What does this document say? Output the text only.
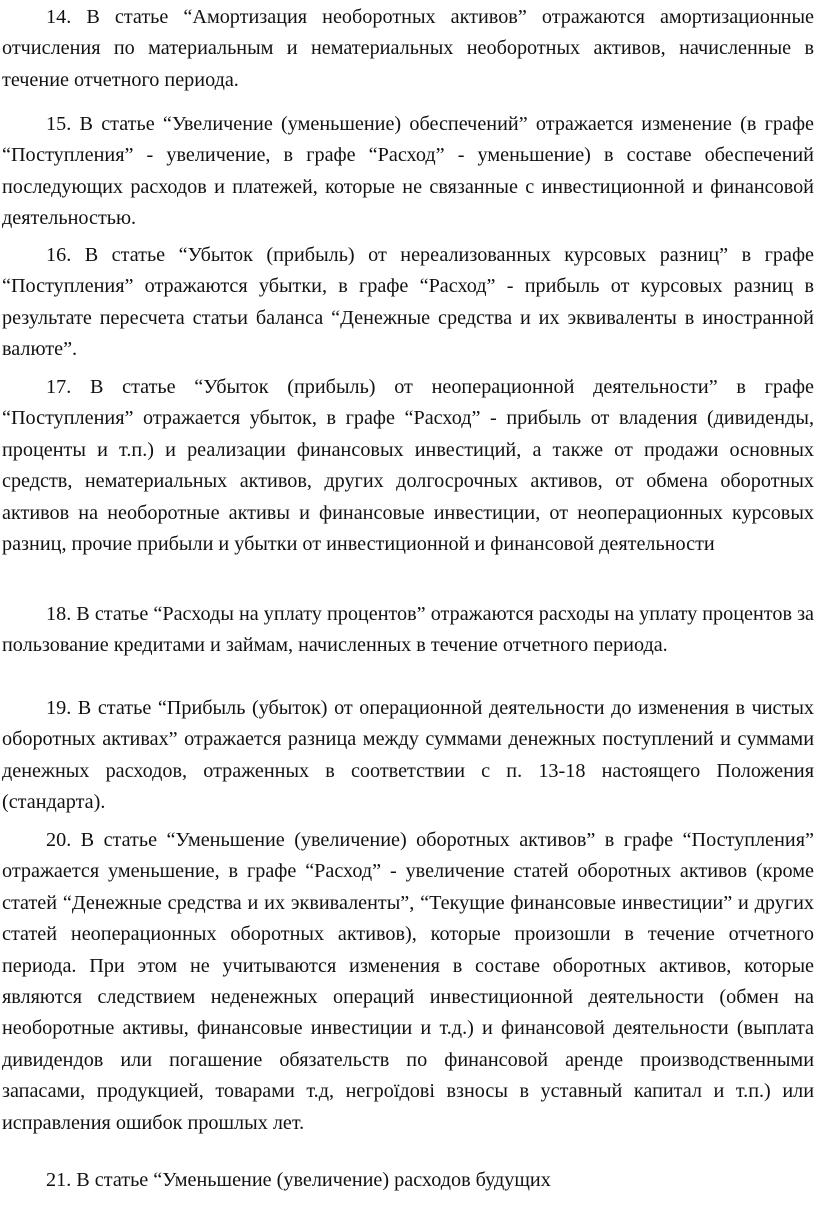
14. В статье “Амортизация необоротных активов” отражаются амортизационные отчисления по материальным и нематериальных необоротных активов, начисленные в течение отчетного периода.

15. В статье “Увеличение (уменьшение) обеспечений” отражается изменение (в графе “Поступления” - увеличение, в графе “Расход” - уменьшение) в составе обеспечений последующих расходов и платежей, которые не связанные с инвестиционной и финансовой деятельностью.

16. В статье “Убыток (прибыль) от нереализованных курсовых разниц” в графе “Поступления” отражаются убытки, в графе “Расход” - прибыль от курсовых разниц в результате пересчета статьи баланса “Денежные средства и их эквиваленты в иностранной валюте”.

17. В статье “Убыток (прибыль) от неоперационной деятельности” в графе “Поступления” отражается убыток, в графе “Расход” - прибыль от владения (дивиденды, проценты и т.п.) и реализации финансовых инвестиций, а также от продажи основных средств, нематериальных активов, других долгосрочных активов, от обмена оборотных активов на необоротные активы и финансовые инвестиции, от неоперационных курсовых разниц, прочие прибыли и убытки от инвестиционной и финансовой деятельности

18. В статье “Расходы на уплату процентов” отражаются расходы на уплату процентов за пользование кредитами и займам, начисленных в течение отчетного периода.

19. В статье “Прибыль (убыток) от операционной деятельности до изменения в чистых оборотных активах” отражается разница между суммами денежных поступлений и суммами денежных расходов, отраженных в соответствии с п. 13-18 настоящего Положения (стандарта).

20. В статье “Уменьшение (увеличение) оборотных активов” в графе “Поступления” отражается уменьшение, в графе “Расход” - увеличение статей оборотных активов (кроме статей “Денежные средства и их эквиваленты”, “Текущие финансовые инвестиции” и других статей неоперационных оборотных активов), которые произошли в течение отчетного периода. При этом не учитываются изменения в составе оборотных активов, которые являются следствием неденежных операций инвестиционной деятельности (обмен на необоротные активы, финансовые инвестиции и т.д.) и финансовой деятельности (выплата дивидендов или погашение обязательств по финансовой аренде производственными запасами, продукцией, товарами т.д, негроїдові взносы в уставный капитал и т.п.) или исправления ошибок прошлых лет.

21. В статье “Уменьшение (увеличение) расходов будущих
